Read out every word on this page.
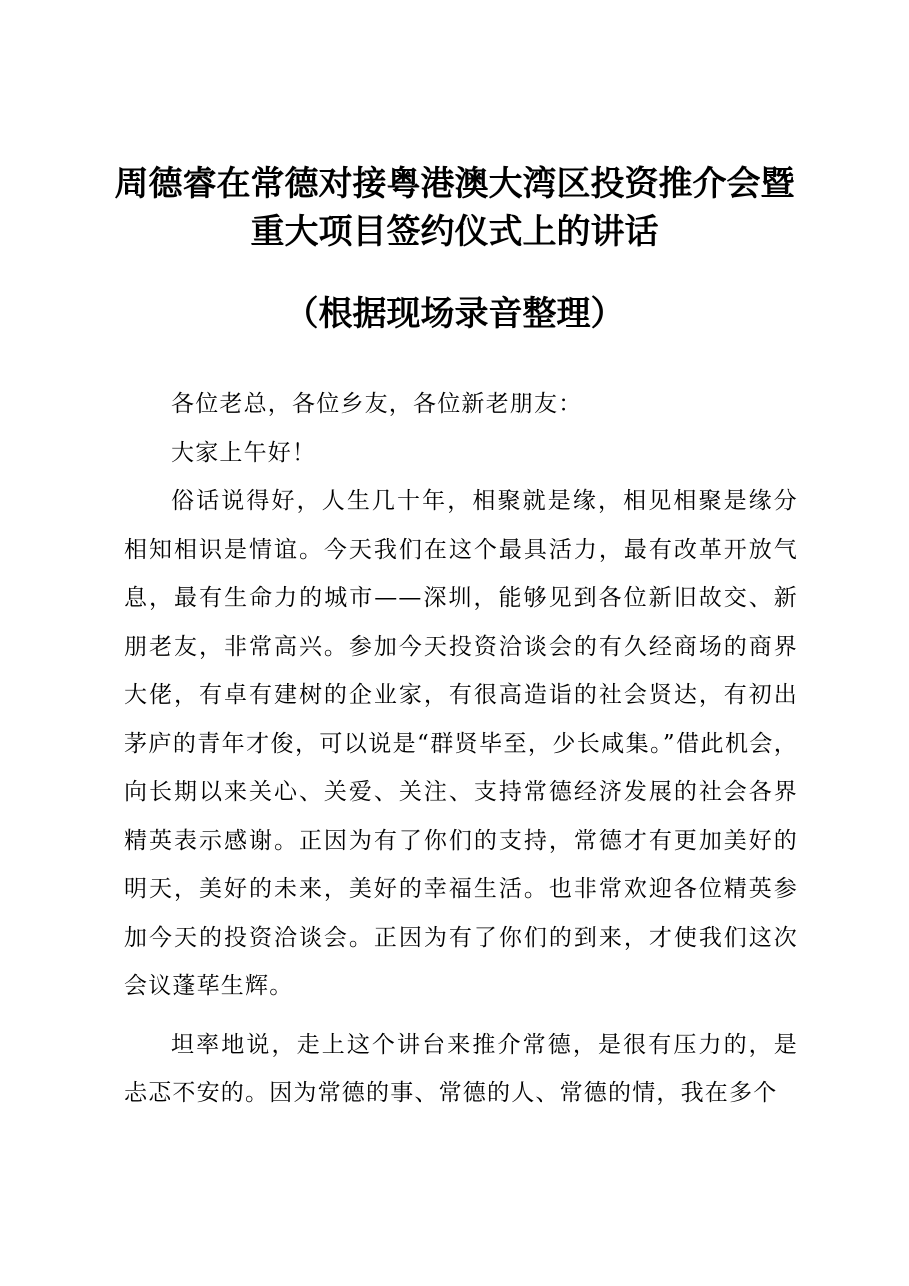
周德睿在常德对接粤港澳大湾区投资推介会暨
重大项目签约仪式上的讲话
（根据现场录音整理）

各位老总，各位乡友，各位新老朋友：

大家上午好！

俗话说得好，人生几十年，相聚就是缘，相见相聚是缘分相知相识是情谊。今天我们在这个最具活力，最有改革开放气息，最有生命力的城市——深圳，能够见到各位新旧故交、新朋老友，非常高兴。参加今天投资洽谈会的有久经商场的商界大佬，有卓有建树的企业家，有很高造诣的社会贤达，有初出茅庐的青年才俊，可以说是“群贤毕至，少长咸集。”借此机会，向长期以来关心、关爱、关注、支持常德经济发展的社会各界精英表示感谢。正因为有了你们的支持，常德才有更加美好的明天，美好的未来，美好的幸福生活。也非常欢迎各位精英参加今天的投资洽谈会。正因为有了你们的到来，才使我们这次会议蓬荜生辉。

坦率地说，走上这个讲台来推介常德，是很有压力的，是忐忑不安的。因为常德的事、常德的人、常德的情，我在多个
